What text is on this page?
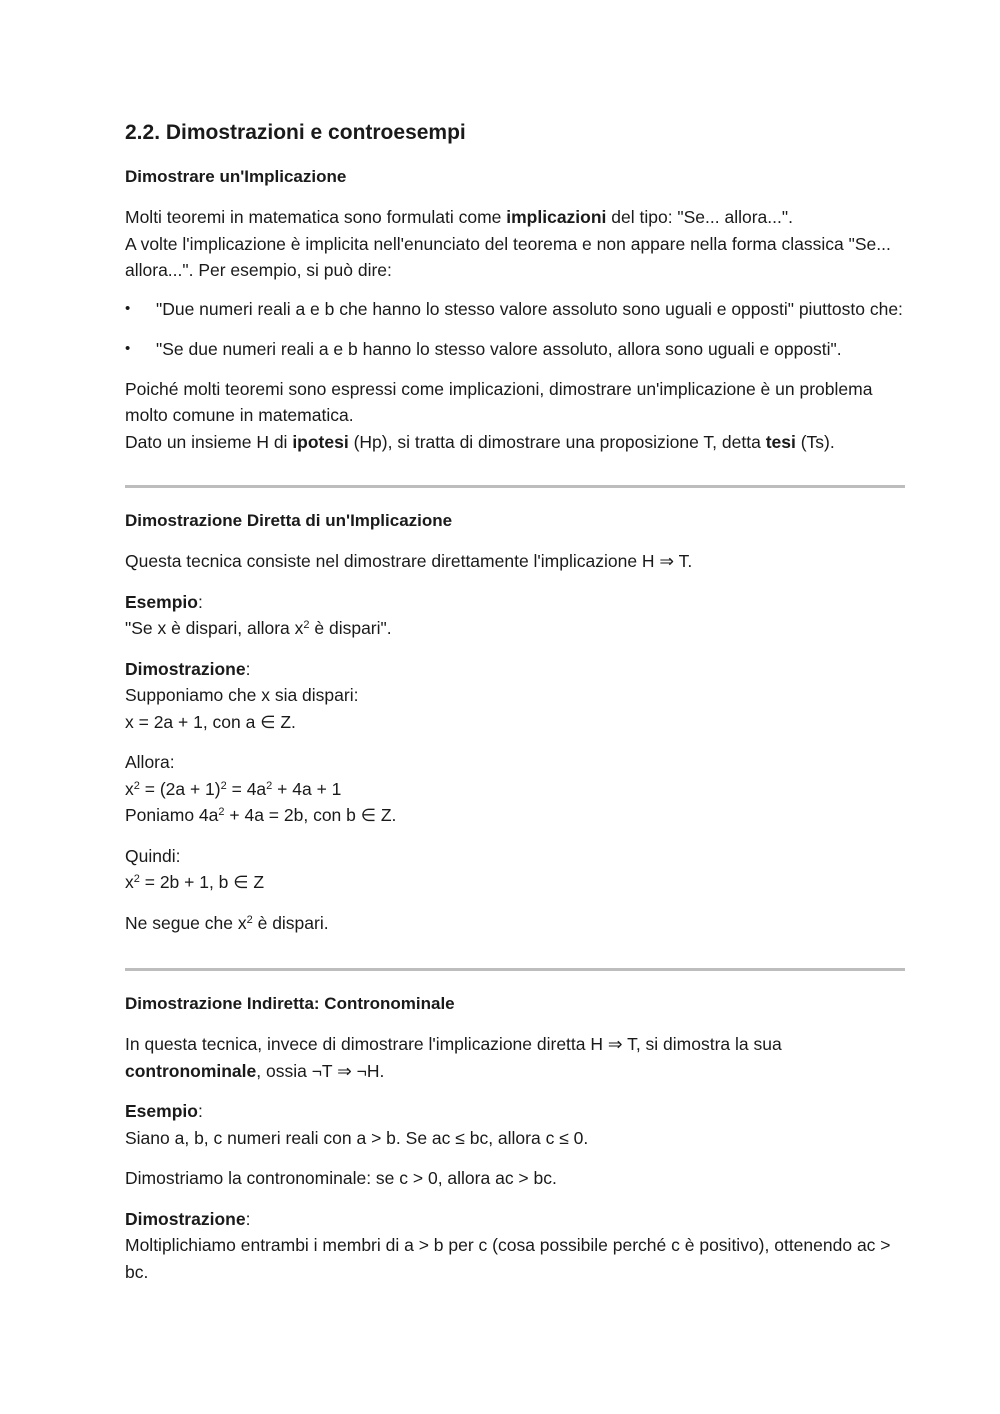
2.2. Dimostrazioni e controesempi
Dimostrare un'Implicazione

Molti teoremi in matematica sono formulati come implicazioni del tipo: "Se... allora...".
A volte l'implicazione è implicita nell'enunciato del teorema e non appare nella forma classica "Se... allora...". Per esempio, si può dire:

• "Due numeri reali a e b che hanno lo stesso valore assoluto sono uguali e opposti" piuttosto che:
• "Se due numeri reali a e b hanno lo stesso valore assoluto, allora sono uguali e opposti".

Poiché molti teoremi sono espressi come implicazioni, dimostrare un'implicazione è un problema molto comune in matematica.
Dato un insieme H di ipotesi (Hp), si tratta di dimostrare una proposizione T, detta tesi (Ts).

Dimostrazione Diretta di un'Implicazione

Questa tecnica consiste nel dimostrare direttamente l'implicazione H ⇒ T.

Esempio:
"Se x è dispari, allora $x^2$ è dispari".

Dimostrazione:
Supponiamo che x sia dispari:
x = 2a + 1, con a ∈ Z.

Allora:
$x^2 = (2a + 1)^2 = 4a^2 + 4a + 1$
Poniamo $4a^2 + 4a = 2b$, con b ∈ Z.

Quindi:
$x^2 = 2b + 1$, b ∈ Z

Ne segue che $x^2$ è dispari.

Dimostrazione Indiretta: Contronominale

In questa tecnica, invece di dimostrare l'implicazione diretta H ⇒ T, si dimostra la sua contronominale, ossia ¬T ⇒ ¬H.

Esempio:
Siano a, b, c numeri reali con a > b. Se ac ≤ bc, allora c ≤ 0.

Dimostriamo la contronominale: se c > 0, allora ac > bc.

Dimostrazione:
Moltiplichiamo entrambi i membri di a > b per c (cosa possibile perché c è positivo), ottenendo ac > bc.
